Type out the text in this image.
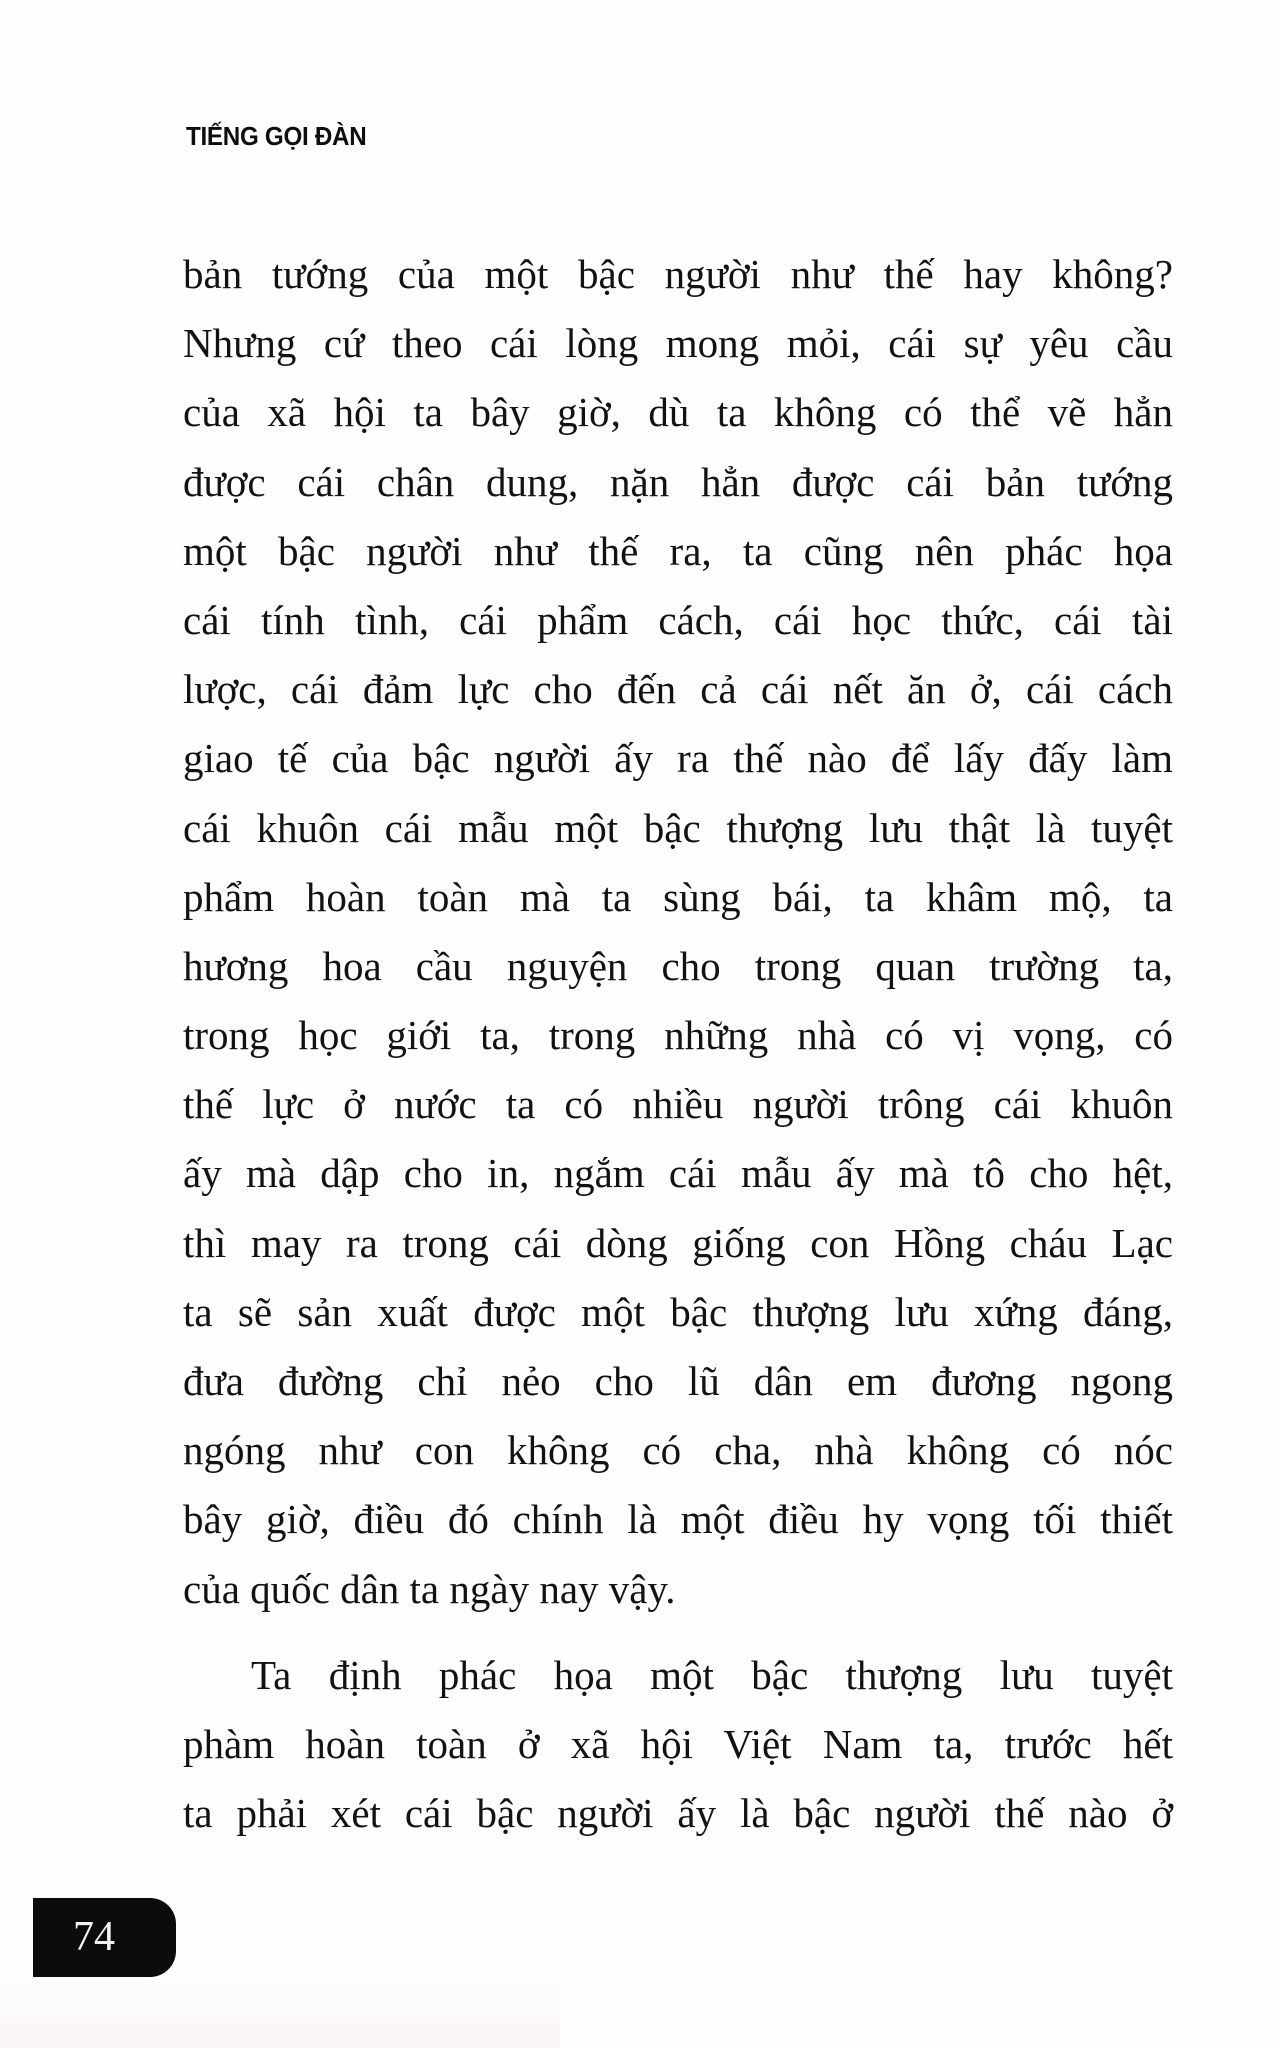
TIẾNG GỌI ĐÀN
bản tướng của một bậc người như thế hay không?
Nhưng cứ theo cái lòng mong mỏi, cái sự yêu cầu
của xã hội ta bây giờ, dù ta không có thể vẽ hẳn
được cái chân dung, nặn hẳn được cái bản tướng
một bậc người như thế ra, ta cũng nên phác họa
cái tính tình, cái phẩm cách, cái học thức, cái tài
lược, cái đảm lực cho đến cả cái nết ăn ở, cái cách
giao tế của bậc người ấy ra thế nào để lấy đấy làm
cái khuôn cái mẫu một bậc thượng lưu thật là tuyệt
phẩm hoàn toàn mà ta sùng bái, ta khâm mộ, ta
hương hoa cầu nguyện cho trong quan trường ta,
trong học giới ta, trong những nhà có vị vọng, có
thế lực ở nước ta có nhiều người trông cái khuôn
ấy mà dập cho in, ngắm cái mẫu ấy mà tô cho hệt,
thì may ra trong cái dòng giống con Hồng cháu Lạc
ta sẽ sản xuất được một bậc thượng lưu xứng đáng,
đưa đường chỉ nẻo cho lũ dân em đương ngong
ngóng như con không có cha, nhà không có nóc
bây giờ, điều đó chính là một điều hy vọng tối thiết
của quốc dân ta ngày nay vậy.
Ta định phác họa một bậc thượng lưu tuyệt
phàm hoàn toàn ở xã hội Việt Nam ta, trước hết
ta phải xét cái bậc người ấy là bậc người thế nào ở
74
